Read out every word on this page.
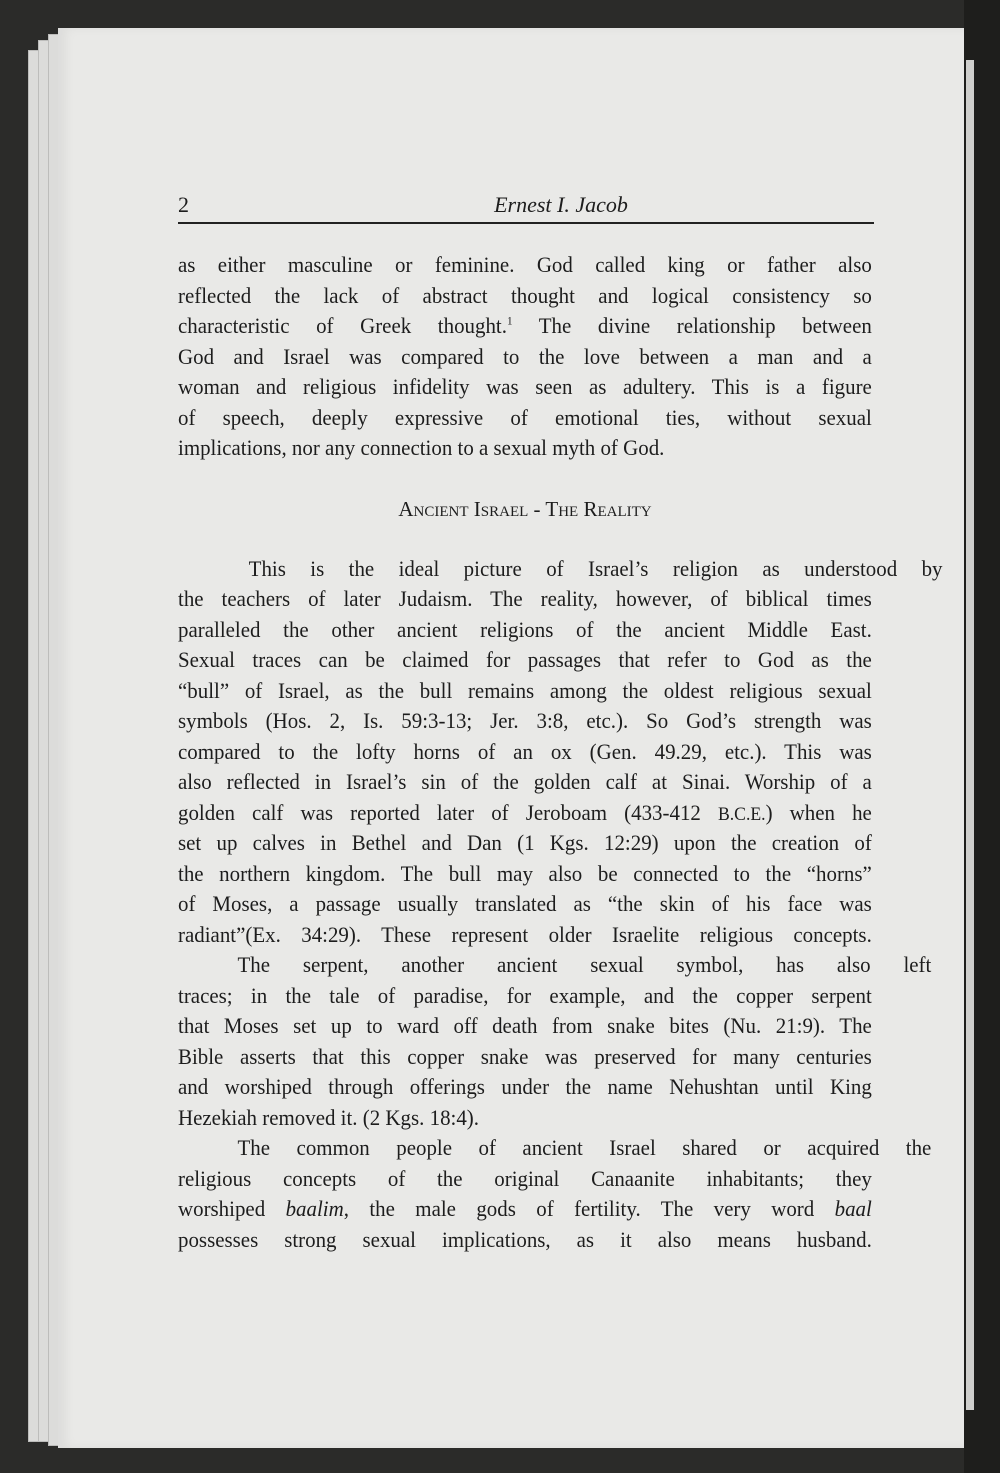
2	Ernest I. Jacob
as either masculine or feminine. God called king or father also
reflected the lack of abstract thought and logical consistency so
characteristic of Greek thought.$^1$ The divine relationship between
God and Israel was compared to the love between a man and a
woman and religious infidelity was seen as adultery. This is a figure
of speech, deeply expressive of emotional ties, without sexual
implications, nor any connection to a sexual myth of God.
Ancient Israel - The Reality
This is the ideal picture of Israel’s religion as understood by
the teachers of later Judaism. The reality, however, of biblical times
paralleled the other ancient religions of the ancient Middle East.
Sexual traces can be claimed for passages that refer to God as the
“bull” of Israel, as the bull remains among the oldest religious sexual
symbols (Hos. 2, Is. 59:3-13; Jer. 3:8, etc.). So God’s strength was
compared to the lofty horns of an ox (Gen. 49.29, etc.). This was
also reflected in Israel’s sin of the golden calf at Sinai. Worship of a
golden calf was reported later of Jeroboam (433-412 B.C.E.) when he
set up calves in Bethel and Dan (1 Kgs. 12:29) upon the creation of
the northern kingdom. The bull may also be connected to the “horns”
of Moses, a passage usually translated as “the skin of his face was
radiant”(Ex. 34:29). These represent older Israelite religious concepts.
The serpent, another ancient sexual symbol, has also left
traces; in the tale of paradise, for example, and the copper serpent
that Moses set up to ward off death from snake bites (Nu. 21:9). The
Bible asserts that this copper snake was preserved for many centuries
and worshiped through offerings under the name Nehushtan until King
Hezekiah removed it. (2 Kgs. 18:4).
The common people of ancient Israel shared or acquired the
religious concepts of the original Canaanite inhabitants; they
worshiped baalim, the male gods of fertility. The very word baal
possesses strong sexual implications, as it also means husband.
